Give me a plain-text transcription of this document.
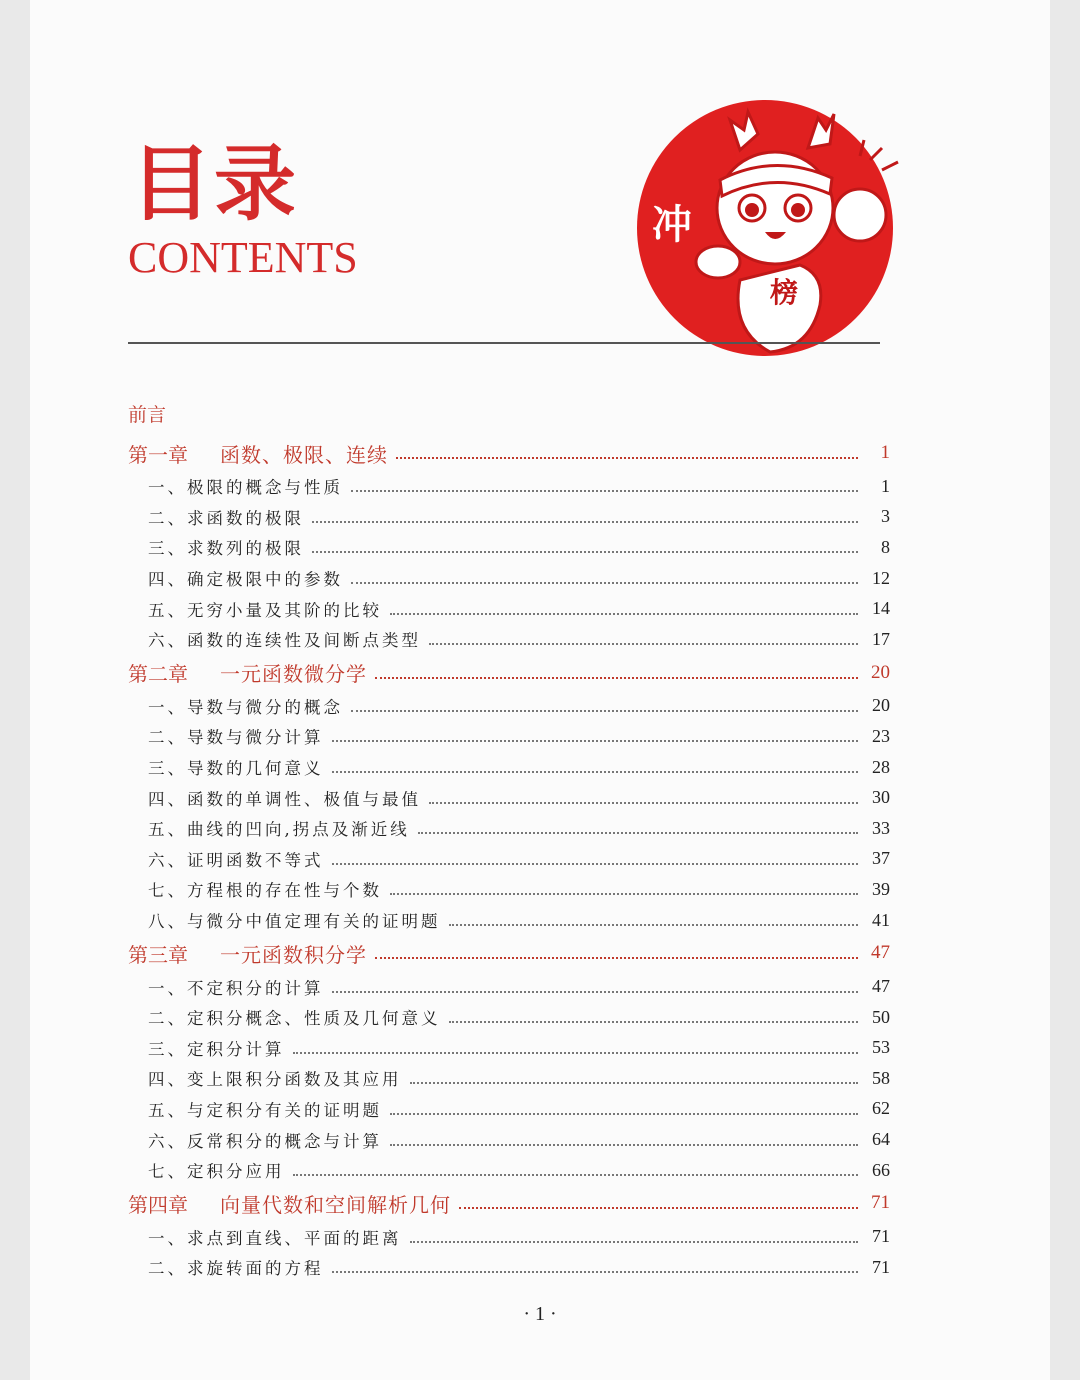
目录
CONTENTS
冲
榜
前言
第一章	函数、极限、连续	1
一、极限的概念与性质	1
二、求函数的极限	3
三、求数列的极限	8
四、确定极限中的参数	12
五、无穷小量及其阶的比较	14
六、函数的连续性及间断点类型	17
第二章	一元函数微分学	20
一、导数与微分的概念	20
二、导数与微分计算	23
三、导数的几何意义	28
四、函数的单调性、极值与最值	30
五、曲线的凹向,拐点及渐近线	33
六、证明函数不等式	37
七、方程根的存在性与个数	39
八、与微分中值定理有关的证明题	41
第三章	一元函数积分学	47
一、不定积分的计算	47
二、定积分概念、性质及几何意义	50
三、定积分计算	53
四、变上限积分函数及其应用	58
五、与定积分有关的证明题	62
六、反常积分的概念与计算	64
七、定积分应用	66
第四章	向量代数和空间解析几何	71
一、求点到直线、平面的距离	71
二、求旋转面的方程	71
· 1 ·
